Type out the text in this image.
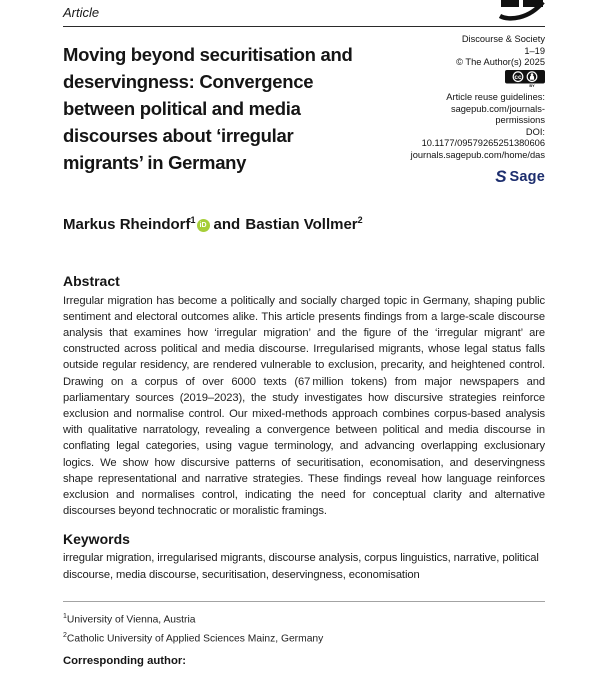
Article
Moving beyond securitisation and
deservingness: Convergence
between political and media
discourses about ‘irregular
migrants’ in Germany
Discourse & Society
1–19
© The Author(s) 2025
cc
BY
Article reuse guidelines:
sagepub.com/journals-permissions
DOI: 10.1177/09579265251380606
journals.sagepub.com/home/das
S Sage
Markus Rheindorf$^1$iD and Bastian Vollmer$^2$
Abstract
Irregular migration has become a politically and socially charged topic in Germany, shaping public sentiment and electoral outcomes alike. This article presents findings from a large-scale discourse analysis that examines how ‘irregular migration’ and the figure of the ‘irregular migrant’ are constructed across political and media discourse. Irregularised migrants, whose legal status falls outside regular residency, are rendered vulnerable to exclusion, precarity, and heightened control. Drawing on a corpus of over 6000 texts (67 million tokens) from major newspapers and parliamentary sources (2019–2023), the study investigates how discursive strategies reinforce exclusion and normalise control. Our mixed-methods approach combines corpus-based analysis with qualitative narratology, revealing a convergence between political and media discourse in conflating legal categories, using vague terminology, and advancing overlapping exclusionary logics. We show how discursive patterns of securitisation, economisation, and deservingness shape representational and narrative strategies. These findings reveal how language reinforces exclusion and normalises control, indicating the need for conceptual clarity and alternative discourses beyond technocratic or moralistic framings.
Keywords
irregular migration, irregularised migrants, discourse analysis, corpus linguistics, narrative, political discourse, media discourse, securitisation, deservingness, economisation
$^1$University of Vienna, Austria
$^2$Catholic University of Applied Sciences Mainz, Germany
Corresponding author:
